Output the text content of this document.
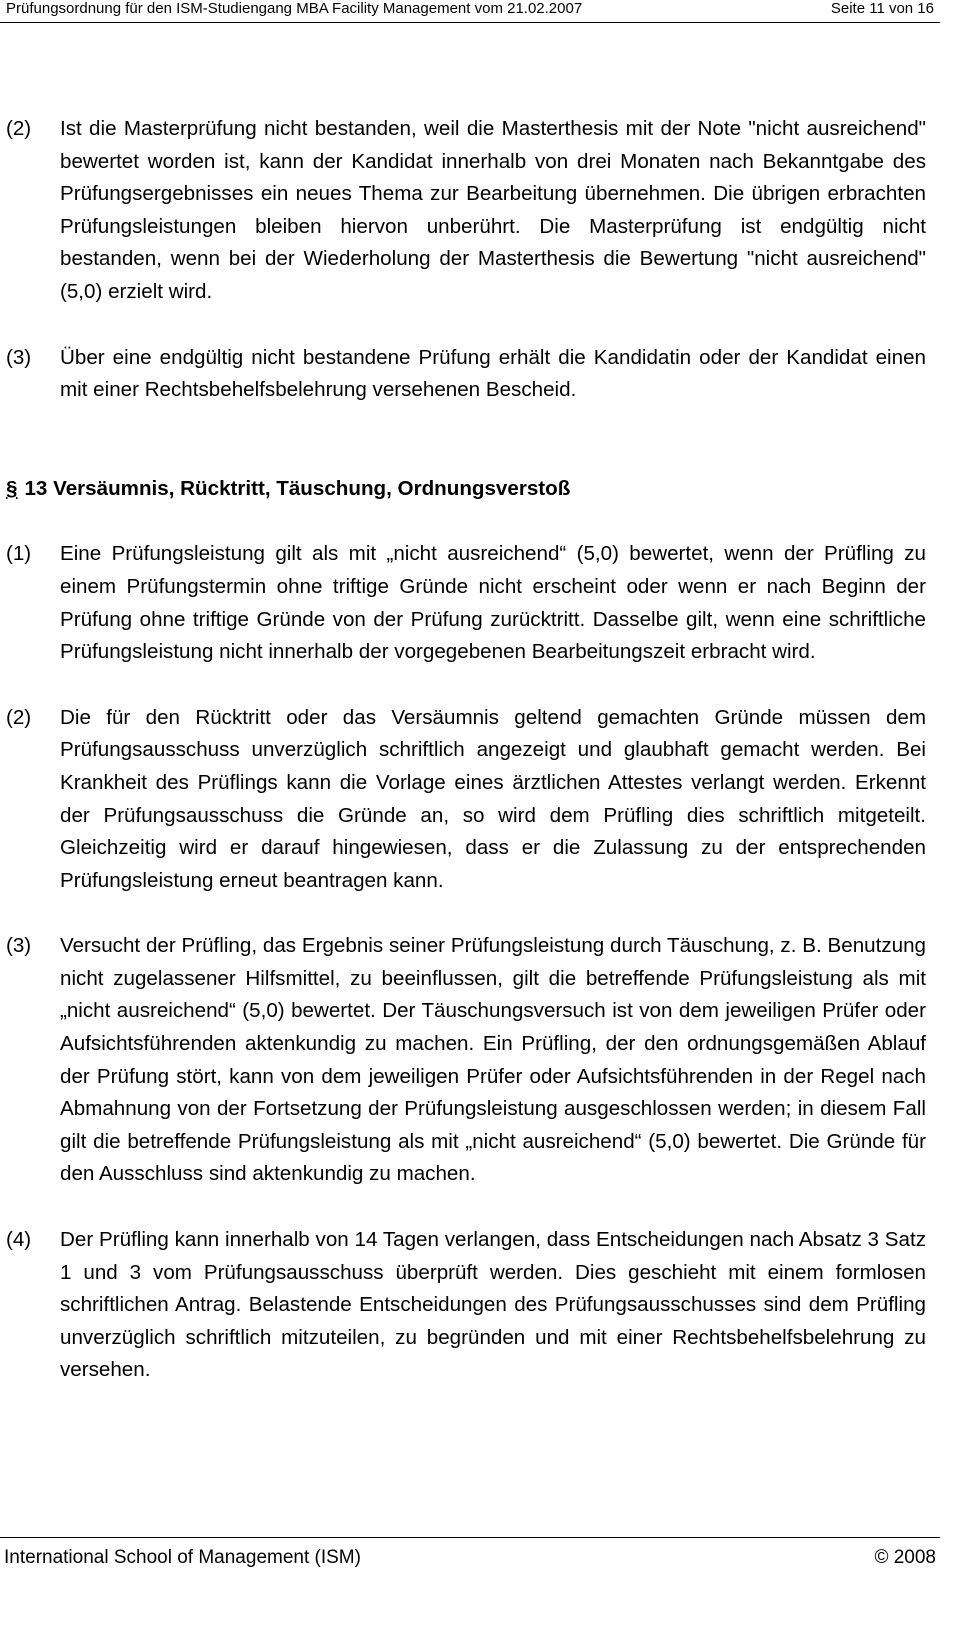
Prüfungsordnung für den ISM-Studiengang MBA Facility Management vom 21.02.2007	Seite 11 von 16

(2) Ist die Masterprüfung nicht bestanden, weil die Masterthesis mit der Note "nicht ausreichend" bewertet worden ist, kann der Kandidat innerhalb von drei Monaten nach Bekanntgabe des Prüfungsergebnisses ein neues Thema zur Bearbeitung übernehmen. Die übrigen erbrachten Prüfungsleistungen bleiben hiervon unberührt. Die Masterprüfung ist endgültig nicht bestanden, wenn bei der Wiederholung der Masterthesis die Bewertung "nicht ausreichend" (5,0) erzielt wird.

(3) Über eine endgültig nicht bestandene Prüfung erhält die Kandidatin oder der Kandidat einen mit einer Rechtsbehelfsbelehrung versehenen Bescheid.

§ 13 Versäumnis, Rücktritt, Täuschung, Ordnungsverstoß

(1) Eine Prüfungsleistung gilt als mit „nicht ausreichend“ (5,0) bewertet, wenn der Prüfling zu einem Prüfungstermin ohne triftige Gründe nicht erscheint oder wenn er nach Beginn der Prüfung ohne triftige Gründe von der Prüfung zurücktritt. Dasselbe gilt, wenn eine schriftliche Prüfungsleistung nicht innerhalb der vorgegebenen Bearbeitungszeit erbracht wird.

(2) Die für den Rücktritt oder das Versäumnis geltend gemachten Gründe müssen dem Prüfungsausschuss unverzüglich schriftlich angezeigt und glaubhaft gemacht werden. Bei Krankheit des Prüflings kann die Vorlage eines ärztlichen Attestes verlangt werden. Erkennt der Prüfungsausschuss die Gründe an, so wird dem Prüfling dies schriftlich mitgeteilt. Gleichzeitig wird er darauf hingewiesen, dass er die Zulassung zu der entsprechenden Prüfungsleistung erneut beantragen kann.

(3) Versucht der Prüfling, das Ergebnis seiner Prüfungsleistung durch Täuschung, z. B. Benutzung nicht zugelassener Hilfsmittel, zu beeinflussen, gilt die betreffende Prüfungsleistung als mit „nicht ausreichend“ (5,0) bewertet. Der Täuschungsversuch ist von dem jeweiligen Prüfer oder Aufsichtsführenden aktenkundig zu machen. Ein Prüfling, der den ordnungsgemäßen Ablauf der Prüfung stört, kann von dem jeweiligen Prüfer oder Aufsichtsführenden in der Regel nach Abmahnung von der Fortsetzung der Prüfungsleistung ausgeschlossen werden; in diesem Fall gilt die betreffende Prüfungsleistung als mit „nicht ausreichend“ (5,0) bewertet. Die Gründe für den Ausschluss sind aktenkundig zu machen.

(4) Der Prüfling kann innerhalb von 14 Tagen verlangen, dass Entscheidungen nach Absatz 3 Satz 1 und 3 vom Prüfungsausschuss überprüft werden. Dies geschieht mit einem formlosen schriftlichen Antrag. Belastende Entscheidungen des Prüfungsausschusses sind dem Prüfling unverzüglich schriftlich mitzuteilen, zu begründen und mit einer Rechtsbehelfsbelehrung zu versehen.

International School of Management (ISM)	© 2008
